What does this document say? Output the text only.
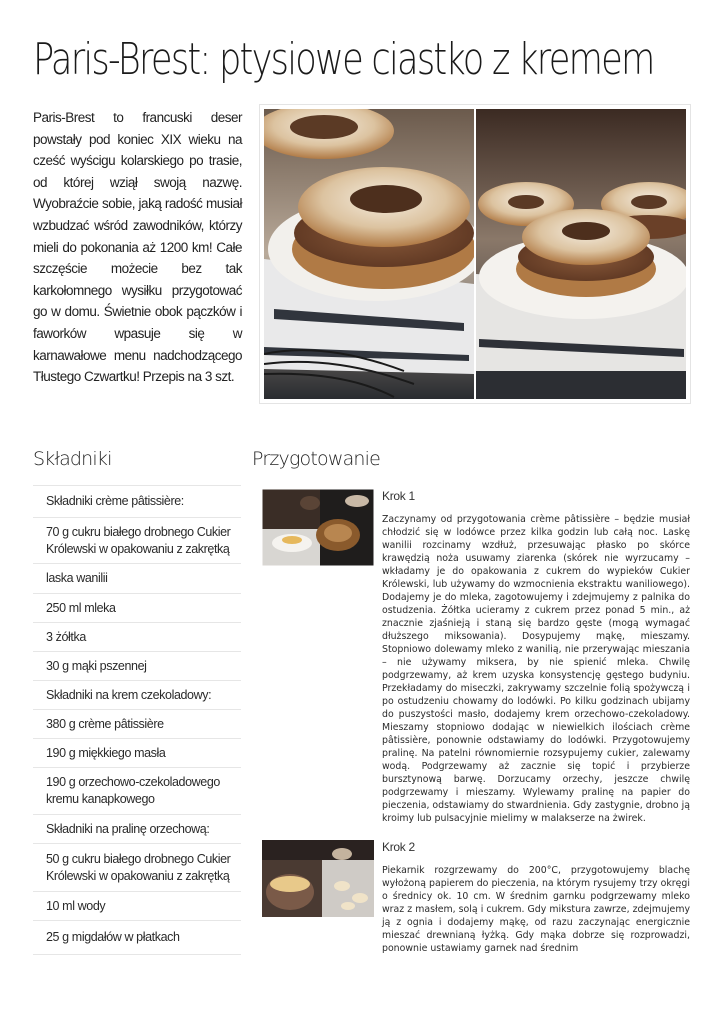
Paris-Brest: ptysiowe ciastko z kremem

Paris-Brest to francuski deser powstały pod koniec XIX wieku na cześć wyścigu kolarskiego po trasie, od której wziął swoją nazwę. Wyobraźcie sobie, jaką radość musiał wzbudzać wśród zawodników, którzy mieli do pokonania aż 1200 km! Całe szczęście możecie bez tak karkołomnego wysiłku przygotować go w domu. Świetnie obok pączków i faworków wpasuje się w karnawałowe menu nadchodzącego Tłustego Czwartku! Przepis na 3 szt.

Składniki	Przygotowanie
Składniki crème pâtissière:
70 g cukru białego drobnego Cukier Królewski w opakowaniu z zakrętką
laska wanilii
250 ml mleka
3 żółtka
30 g mąki pszennej
Składniki na krem czekoladowy:
380 g crème pâtissière
190 g miękkiego masła
190 g orzechowo-czekoladowego kremu kanapkowego
Składniki na pralinę orzechową:
50 g cukru białego drobnego Cukier Królewski w opakowaniu z zakrętką
10 ml wody
25 g migdałów w płatkach
Krok 1

Zaczynamy od przygotowania crème pâtissière – będzie musiał chłodzić się w lodówce przez kilka godzin lub całą noc. Laskę wanilii rozcinamy wzdłuż, przesuwając płasko po skórce krawędzią noża usuwamy ziarenka (skórek nie wyrzucamy – wkładamy je do opakowania z cukrem do wypieków Cukier Królewski, lub używamy do wzmocnienia ekstraktu waniliowego). Dodajemy je do mleka, zagotowujemy i zdejmujemy z palnika do ostudzenia. Żółtka ucieramy z cukrem przez ponad 5 min., aż znacznie zjaśnieją i staną się bardzo gęste (mogą wymagać dłuższego miksowania). Dosypujemy mąkę, mieszamy. Stopniowo dolewamy mleko z wanilią, nie przerywając mieszania – nie używamy miksera, by nie spienić mleka. Chwilę podgrzewamy, aż krem uzyska konsystencję gęstego budyniu. Przekładamy do miseczki, zakrywamy szczelnie folią spożywczą i po ostudzeniu chowamy do lodówki. Po kilku godzinach ubijamy do puszystości masło, dodajemy krem orzechowo-czekoladowy. Mieszamy stopniowo dodając w niewielkich ilościach crème pâtissière, ponownie odstawiamy do lodówki. Przygotowujemy pralinę. Na patelni równomiernie rozsypujemy cukier, zalewamy wodą. Podgrzewamy aż zacznie się topić i przybierze bursztynową barwę. Dorzucamy orzechy, jeszcze chwilę podgrzewamy i mieszamy. Wylewamy pralinę na papier do pieczenia, odstawiamy do stwardnienia. Gdy zastygnie, drobno ją kroimy lub pulsacyjnie mielimy w malakserze na żwirek.

Krok 2

Piekarnik rozgrzewamy do 200°C, przygotowujemy blachę wyłożoną papierem do pieczenia, na którym rysujemy trzy okręgi o średnicy ok. 10 cm. W średnim garnku podgrzewamy mleko wraz z masłem, solą i cukrem. Gdy mikstura zawrze, zdejmujemy ją z ognia i dodajemy mąkę, od razu zaczynając energicznie mieszać drewnianą łyżką. Gdy mąka dobrze się rozprowadzi, ponownie ustawiamy garnek nad średnim
